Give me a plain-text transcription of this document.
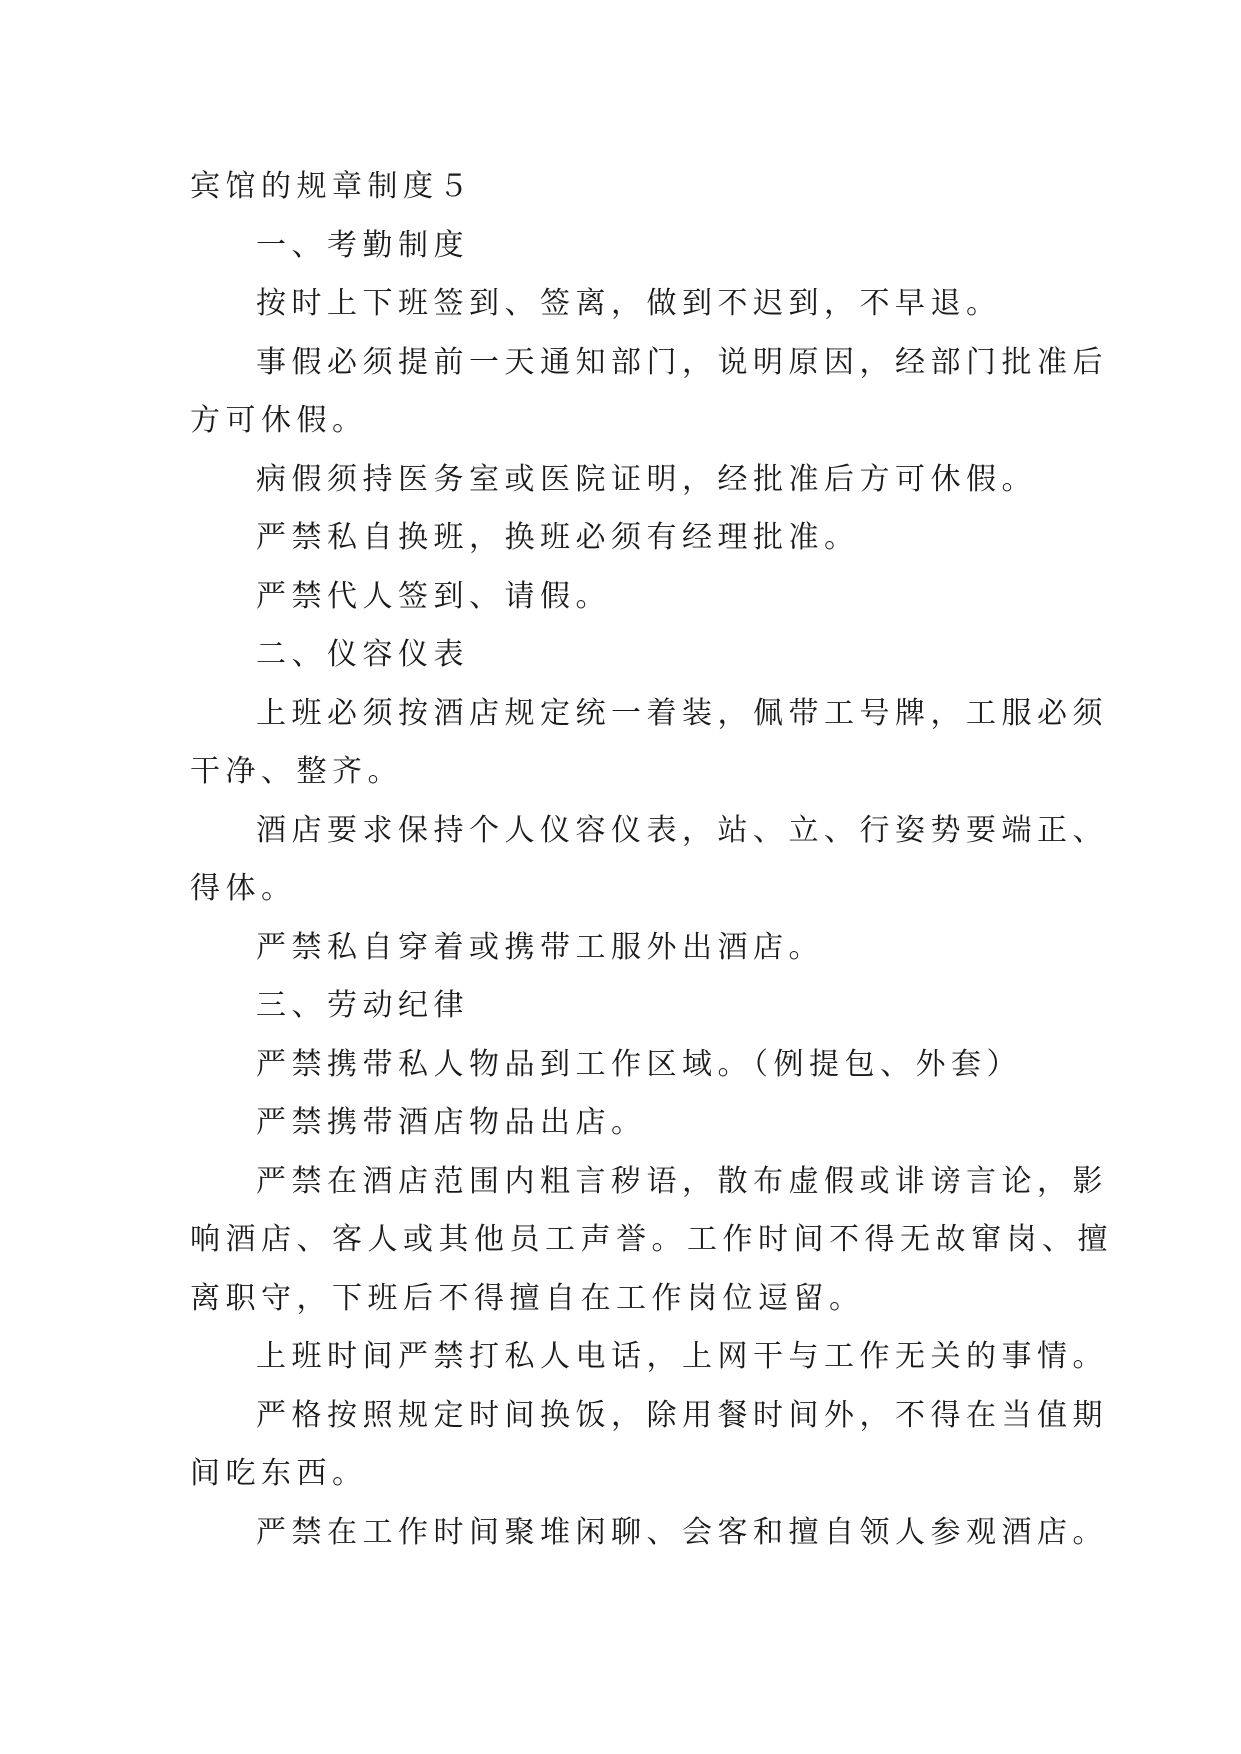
宾馆的规章制度５

一、考勤制度

按时上下班签到、签离，做到不迟到，不早退。

事假必须提前一天通知部门，说明原因，经部门批准后

方可休假。

病假须持医务室或医院证明，经批准后方可休假。

严禁私自换班，换班必须有经理批准。

严禁代人签到、请假。

二、仪容仪表

上班必须按酒店规定统一着装，佩带工号牌，工服必须

干净、整齐。

酒店要求保持个人仪容仪表，站、立、行姿势要端正、

得体。

严禁私自穿着或携带工服外出酒店。

三、劳动纪律

严禁携带私人物品到工作区域。（例提包、外套）

严禁携带酒店物品出店。

严禁在酒店范围内粗言秽语，散布虚假或诽谤言论，影

响酒店、客人或其他员工声誉。工作时间不得无故窜岗、擅

离职守，下班后不得擅自在工作岗位逗留。

上班时间严禁打私人电话，上网干与工作无关的事情。

严格按照规定时间换饭，除用餐时间外，不得在当值期

间吃东西。

严禁在工作时间聚堆闲聊、会客和擅自领人参观酒店。
